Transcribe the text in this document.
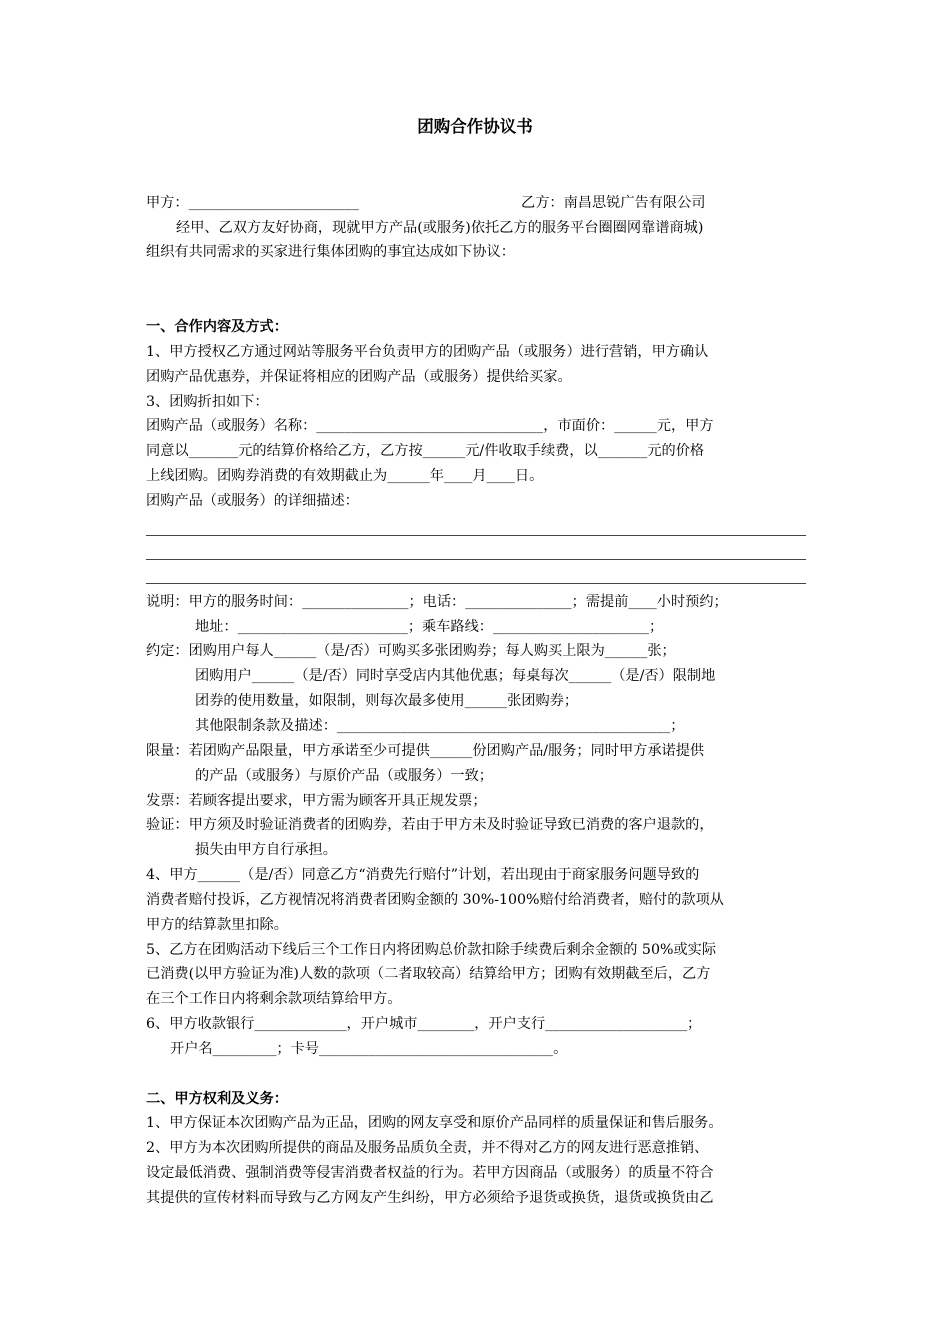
团购合作协议书
甲方：________________________	乙方：南昌思锐广告有限公司
经甲、乙双方友好协商，现就甲方产品(或服务)依托乙方的服务平台圈圈网靠谱商城)
组织有共同需求的买家进行集体团购的事宜达成如下协议：
一、合作内容及方式：
1、甲方授权乙方通过网站等服务平台负责甲方的团购产品（或服务）进行营销，甲方确认
团购产品优惠券，并保证将相应的团购产品（或服务）提供给买家。
3、团购折扣如下：
团购产品（或服务）名称：________________________________，市面价：______元，甲方
同意以_______元的结算价格给乙方，乙方按______元/件收取手续费，以_______元的价格
上线团购。团购券消费的有效期截止为______年____月____日。
团购产品（或服务）的详细描述：
说明：甲方的服务时间：_______________；电话：_______________；需提前____小时预约；
地址：________________________；乘车路线：______________________；
约定：团购用户每人______（是/否）可购买多张团购券；每人购买上限为______张；
团购用户______（是/否）同时享受店内其他优惠；每桌每次______（是/否）限制地
团券的使用数量，如限制，则每次最多使用______张团购券；
其他限制条款及描述：_______________________________________________；
限量：若团购产品限量，甲方承诺至少可提供______份团购产品/服务；同时甲方承诺提供
的产品（或服务）与原价产品（或服务）一致；
发票：若顾客提出要求，甲方需为顾客开具正规发票；
验证：甲方须及时验证消费者的团购券，若由于甲方未及时验证导致已消费的客户退款的，
损失由甲方自行承担。
4、甲方______（是/否）同意乙方“消费先行赔付”计划，若出现由于商家服务问题导致的
消费者赔付投诉，乙方视情况将消费者团购金额的 30%-100%赔付给消费者，赔付的款项从
甲方的结算款里扣除。
5、乙方在团购活动下线后三个工作日内将团购总价款扣除手续费后剩余金额的 50%或实际
已消费(以甲方验证为准)人数的款项（二者取较高）结算给甲方；团购有效期截至后，乙方
在三个工作日内将剩余款项结算给甲方。
6、甲方收款银行_____________，开户城市________，开户支行____________________；
开户名_________；卡号_________________________________。
二、甲方权利及义务：
1、甲方保证本次团购产品为正品，团购的网友享受和原价产品同样的质量保证和售后服务。
2、甲方为本次团购所提供的商品及服务品质负全责，并不得对乙方的网友进行恶意推销、
设定最低消费、强制消费等侵害消费者权益的行为。若甲方因商品（或服务）的质量不符合
其提供的宣传材料而导致与乙方网友产生纠纷，甲方必须给予退货或换货，退货或换货由乙
